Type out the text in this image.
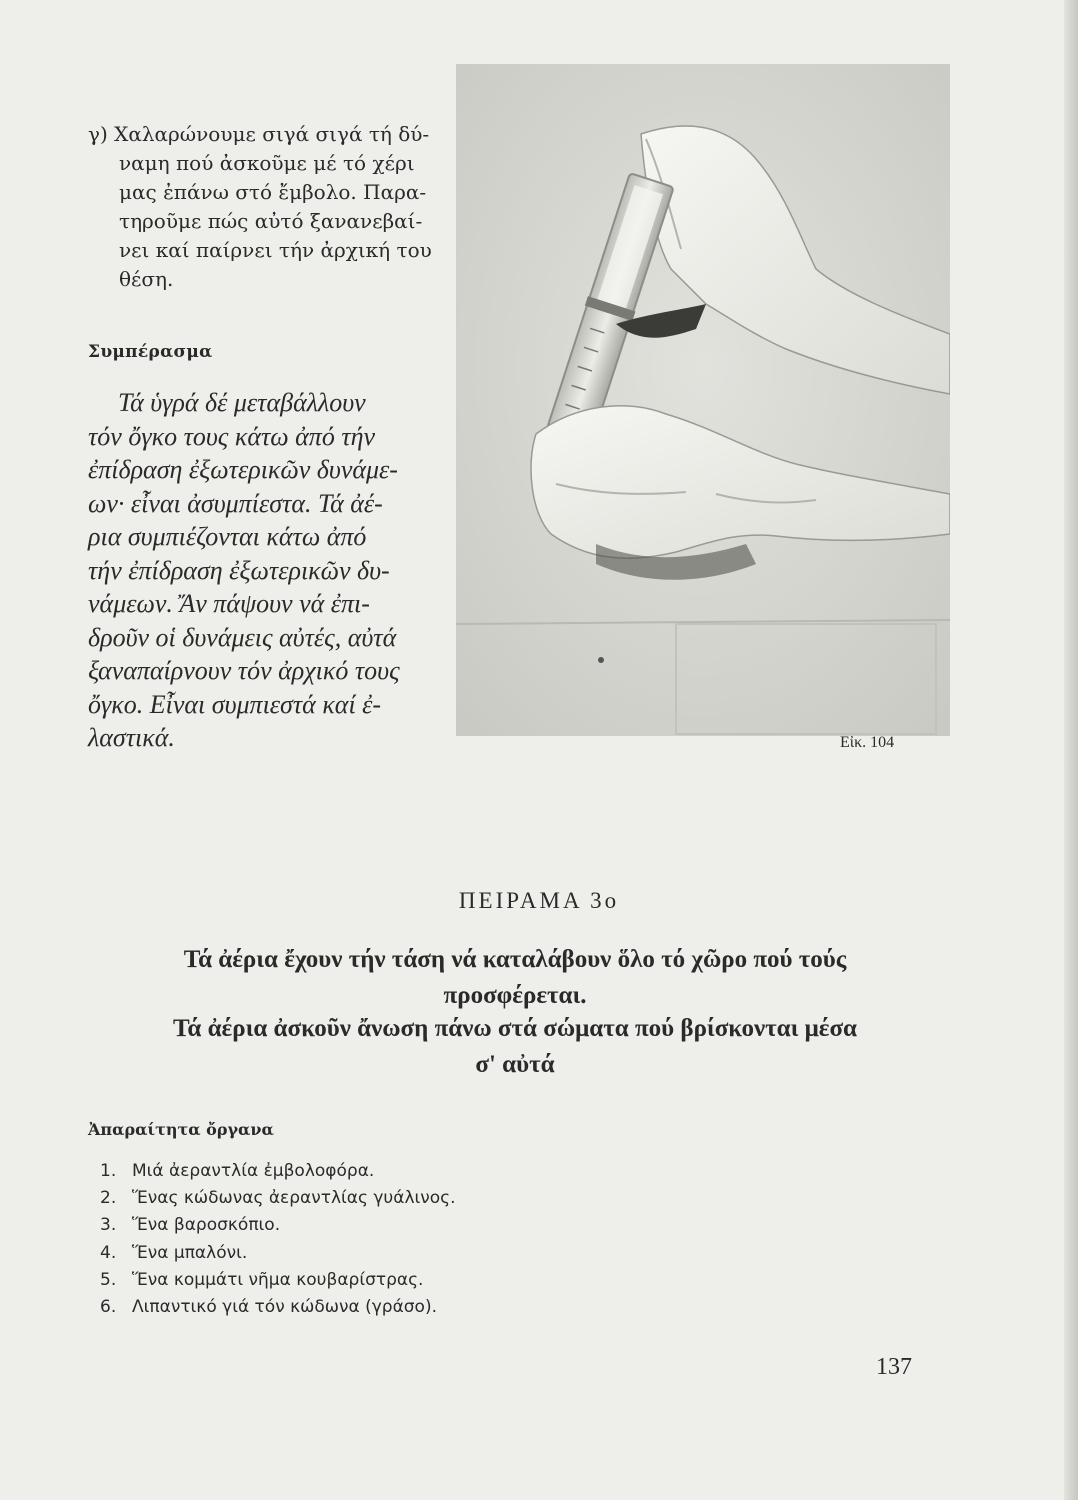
γ) Χαλαρώνουμε σιγά σιγά τή δύ-
ναμη πού ἀσκοῦμε μέ τό χέρι
μας ἐπάνω στό ἔμβολο. Παρα-
τηροῦμε πώς αὐτό ξανανεβαί-
νει καί παίρνει τήν ἀρχική του
θέση.
Συμπέρασμα
Τά ὑγρά δέ μεταβάλλουν
τόν ὄγκο τους κάτω ἀπό τήν
ἐπίδραση ἐξωτερικῶν δυνάμε-
ων· εἶναι ἀσυμπίεστα. Τά ἀέ-
ρια συμπιέζονται κάτω ἀπό
τήν ἐπίδραση ἐξωτερικῶν δυ-
νάμεων. Ἄν πάψουν νά ἐπι-
δροῦν οἱ δυνάμεις αὐτές, αὐτά
ξαναπαίρνουν τόν ἀρχικό τους
ὄγκο. Εἶναι συμπιεστά καί ἐ-
λαστικά.	Εἰκ. 104
ΠΕΙΡΑΜΑ 3ο
Τά ἀέρια ἔχουν τήν τάση νά καταλάβουν ὅλο τό χῶρο πού τούς
προσφέρεται.
Τά ἀέρια ἀσκοῦν ἄνωση πάνω στά σώματα πού βρίσκονται μέσα
σ' αὐτά
Ἀπαραίτητα ὄργανα
1. Μιά ἀεραντλία ἐμβολοφόρα.
2. Ἕνας κώδωνας ἀεραντλίας γυάλινος.
3. Ἕνα βαροσκόπιο.
4. Ἕνα μπαλόνι.
5. Ἕνα κομμάτι νῆμα κουβαρίστρας.
6. Λιπαντικό γιά τόν κώδωνα (γράσο).
137
